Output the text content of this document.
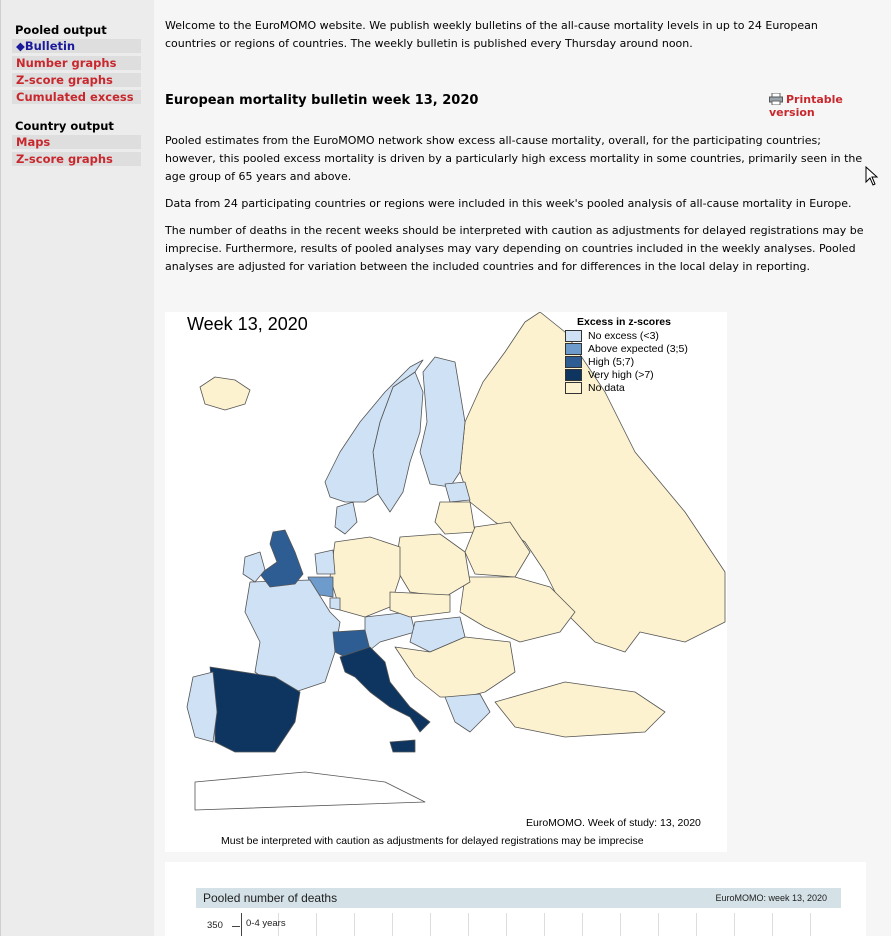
Pooled output
◆Bulletin
Number graphs
Z-score graphs
Cumulated excess
Country output
Maps
Z-score graphs

Welcome to the EuroMOMO website. We publish weekly bulletins of the all-cause mortality levels in up to 24 European countries or regions of countries. The weekly bulletin is published every Thursday around noon.

European mortality bulletin week 13, 2020	Printable version

Pooled estimates from the EuroMOMO network show excess all-cause mortality, overall, for the participating countries; however, this pooled excess mortality is driven by a particularly high excess mortality in some countries, primarily seen in the age group of 65 years and above.

Data from 24 participating countries or regions were included in this week's pooled analysis of all-cause mortality in Europe.

The number of deaths in the recent weeks should be interpreted with caution as adjustments for delayed registrations may be imprecise. Furthermore, results of pooled analyses may vary depending on countries included in the weekly analyses. Pooled analyses are adjusted for variation between the included countries and for differences in the local delay in reporting.

Week 13, 2020	Excess in z-scores
No excess (<3)
Above expected (3;5)
High (5;7)
Very high (>7)
No data
EuroMOMO. Week of study: 13, 2020
Must be interpreted with caution as adjustments for delayed registrations may be imprecise
Pooled number of deaths	EuroMOMO: week 13, 2020
350 0-4 years
